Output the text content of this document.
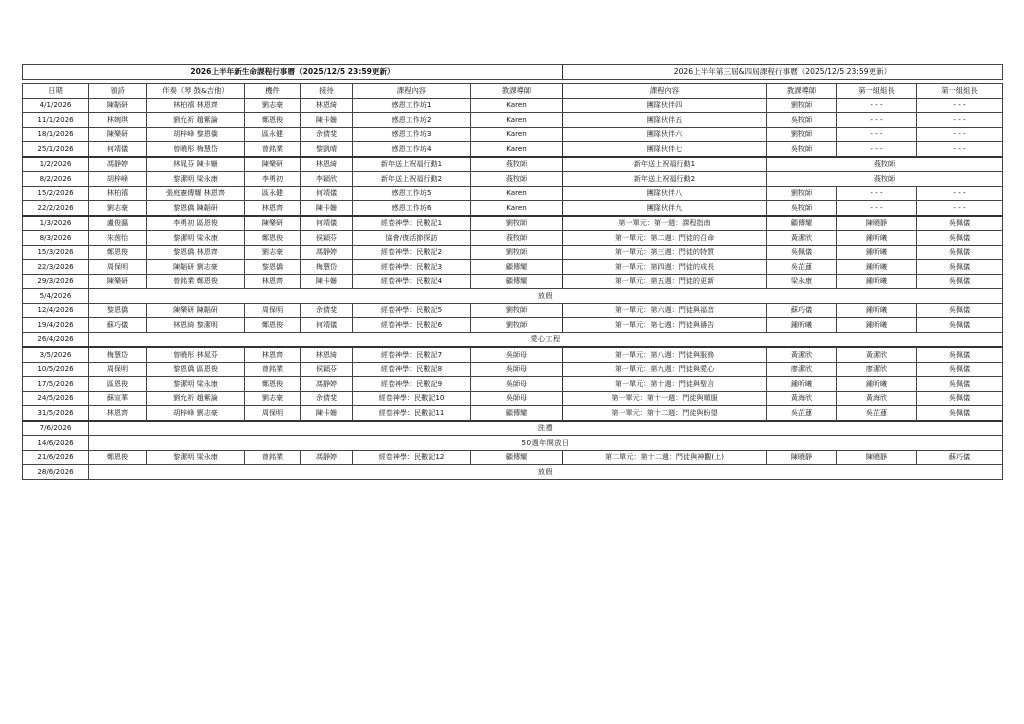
2026上半年新生命課程行事曆（2025/12/5 23:59更新）							2026上半年第三屆&四屆課程行事曆（2025/12/5 23:59更新）			

日期	領詩	伴奏（琴 鼓&吉他）	機件	接待	課程內容	教課導師	課程內容	教課導師	第一組組長	第一組組長
4/1/2026	陳韜研	林柏禧 林恩齊	劉志豪	林恩綺	感恩工作坊1	Karen	團隊伙伴四	劉牧師	- - -	- - -
11/1/2026	林婉琪	劉允祈 趙紫論	鄭恩俊	陳卡姍	感恩工作坊2	Karen	團隊伙伴五	吳牧師	- - -	- - -
18/1/2026	陳樂研	胡梓峰 黎恩僑	區永健	余倩斐	感恩工作坊3	Karen	團隊伙伴六	劉牧師	- - -	- - -
25/1/2026	何靖儀	曾曉彤 梅慧岱	曾銘業	黎凱晴	感恩工作坊4	Karen	團隊伙伴七	吳牧師	- - -	- - -
1/2/2026	馮靜婷	林晁芬 陳卡姍	陳樂研	林恩綺	新年送上祝福行動1	莪牧師	新年送上祝福行動1	莪牧師		
8/2/2026	胡梓峰	黎潔明 梁永康	李勇初	李穎欣	新年送上祝福行動2	莪牧師	新年送上祝福行動2	莪牧師		
15/2/2026	林柏禧	張庭憲傳耀 林恩齊	區永健	何靖儀	感恩工作坊5	Karen	團隊伙伴八	劉牧師	- - -	- - -
22/2/2026	劉志豪	黎恩僑 陳韜研	林恩齊	陳卡姍	感恩工作坊6	Karen	團隊伙伴九	吳牧師	- - -	- - -
1/3/2026	盧俊瀛	李勇初 區恩俊	陳樂研	何靖儀	經卷神學：民數記1	劉牧師	第一單元：第一週：課程指南	顧傳耀	陳曉靜	吳佩儀
8/3/2026	朱茵怡	黎潔明 梁永康	鄭恩俊	侯穎芬	協會/復活節探訪	莪牧師	第一單元：第二週：門徒的召命	黃潔欣	鍾昕曦	吳佩儀
15/3/2026	鄭恩俊	黎恩僑 林恩齊	劉志豪	馮靜婷	經卷神學：民數記2	劉牧師	第一單元：第三週：門徒的特質	吳佩儀	鍾昕曦	吳佩儀
22/3/2026	周保明	陳韜研 劉志豪	黎恩僑	梅慧岱	經卷神學：民數記3	顧傳耀	第一單元：第四週：門徒的成長	吳芷蓮	鍾昕曦	吳佩儀
29/3/2026	陳樂研	曾銘業 鄭恩俊	林恩齊	陳卡姍	經卷神學：民數記4	顧傳耀	第一單元：第五週：門徒的更新	梁永康	鍾昕曦	吳佩儀
5/4/2026	放假									
12/4/2026	黎恩僑	陳樂研 陳韜研	周保明	余倩斐	經卷神學：民數記5	劉牧師	第一單元：第六週：門徒與福音	蘇巧儀	鍾昕曦	吳佩儀
19/4/2026	蘇巧儀	林恩綺 黎潔明	鄭恩俊	何靖儀	經卷神學：民數記6	劉牧師	第一單元：第七週：門徒與禱告	鍾昕曦	鍾昕曦	吳佩儀
26/4/2026	愛心工程									
3/5/2026	梅慧岱	曾曉彤 林晁芬	林恩齊	林恩綺	經卷神學：民數記7	吳師母	第一單元：第八週：門徒與服務	黃潔欣	黃潔欣	吳佩儀
10/5/2026	周保明	黎恩僑 區恩俊	曾銘業	侯穎芬	經卷神學：民數記8	吳師母	第一單元：第九週：門徒與愛心	廖潔欣	廖潔欣	吳佩儀
17/5/2026	區恩俊	黎潔明 梁永康	鄭恩俊	馮靜婷	經卷神學：民數記9	吳師母	第一單元：第十週：門徒與聖言	鍾昕曦	鍾昕曦	吳佩儀
24/5/2026	蘇宣華	劉允祈 趙紫論	劉志豪	余倩斐	經卷神學：民數記10	吳師母	第一單元：第十一週：門徒與順服	黃海欣	黃海欣	吳佩儀
31/5/2026	林恩齊	胡梓峰 劉志豪	周保明	陳卡姍	經卷神學：民數記11	顧傳耀	第一單元：第十二週：門徒與盼望	吳芷蓮	吳芷蓮	吳佩儀
7/6/2026	洗禮									
14/6/2026	50週年開放日									
21/6/2026	鄭恩俊	黎潔明 梁永康	曾銘業	馮靜婷	經卷神學：民數記12	顧傳耀	第二單元：第十二週：門徒與神觀(上)	陳曉靜	陳曉靜	蘇巧儀
28/6/2026	放假									
